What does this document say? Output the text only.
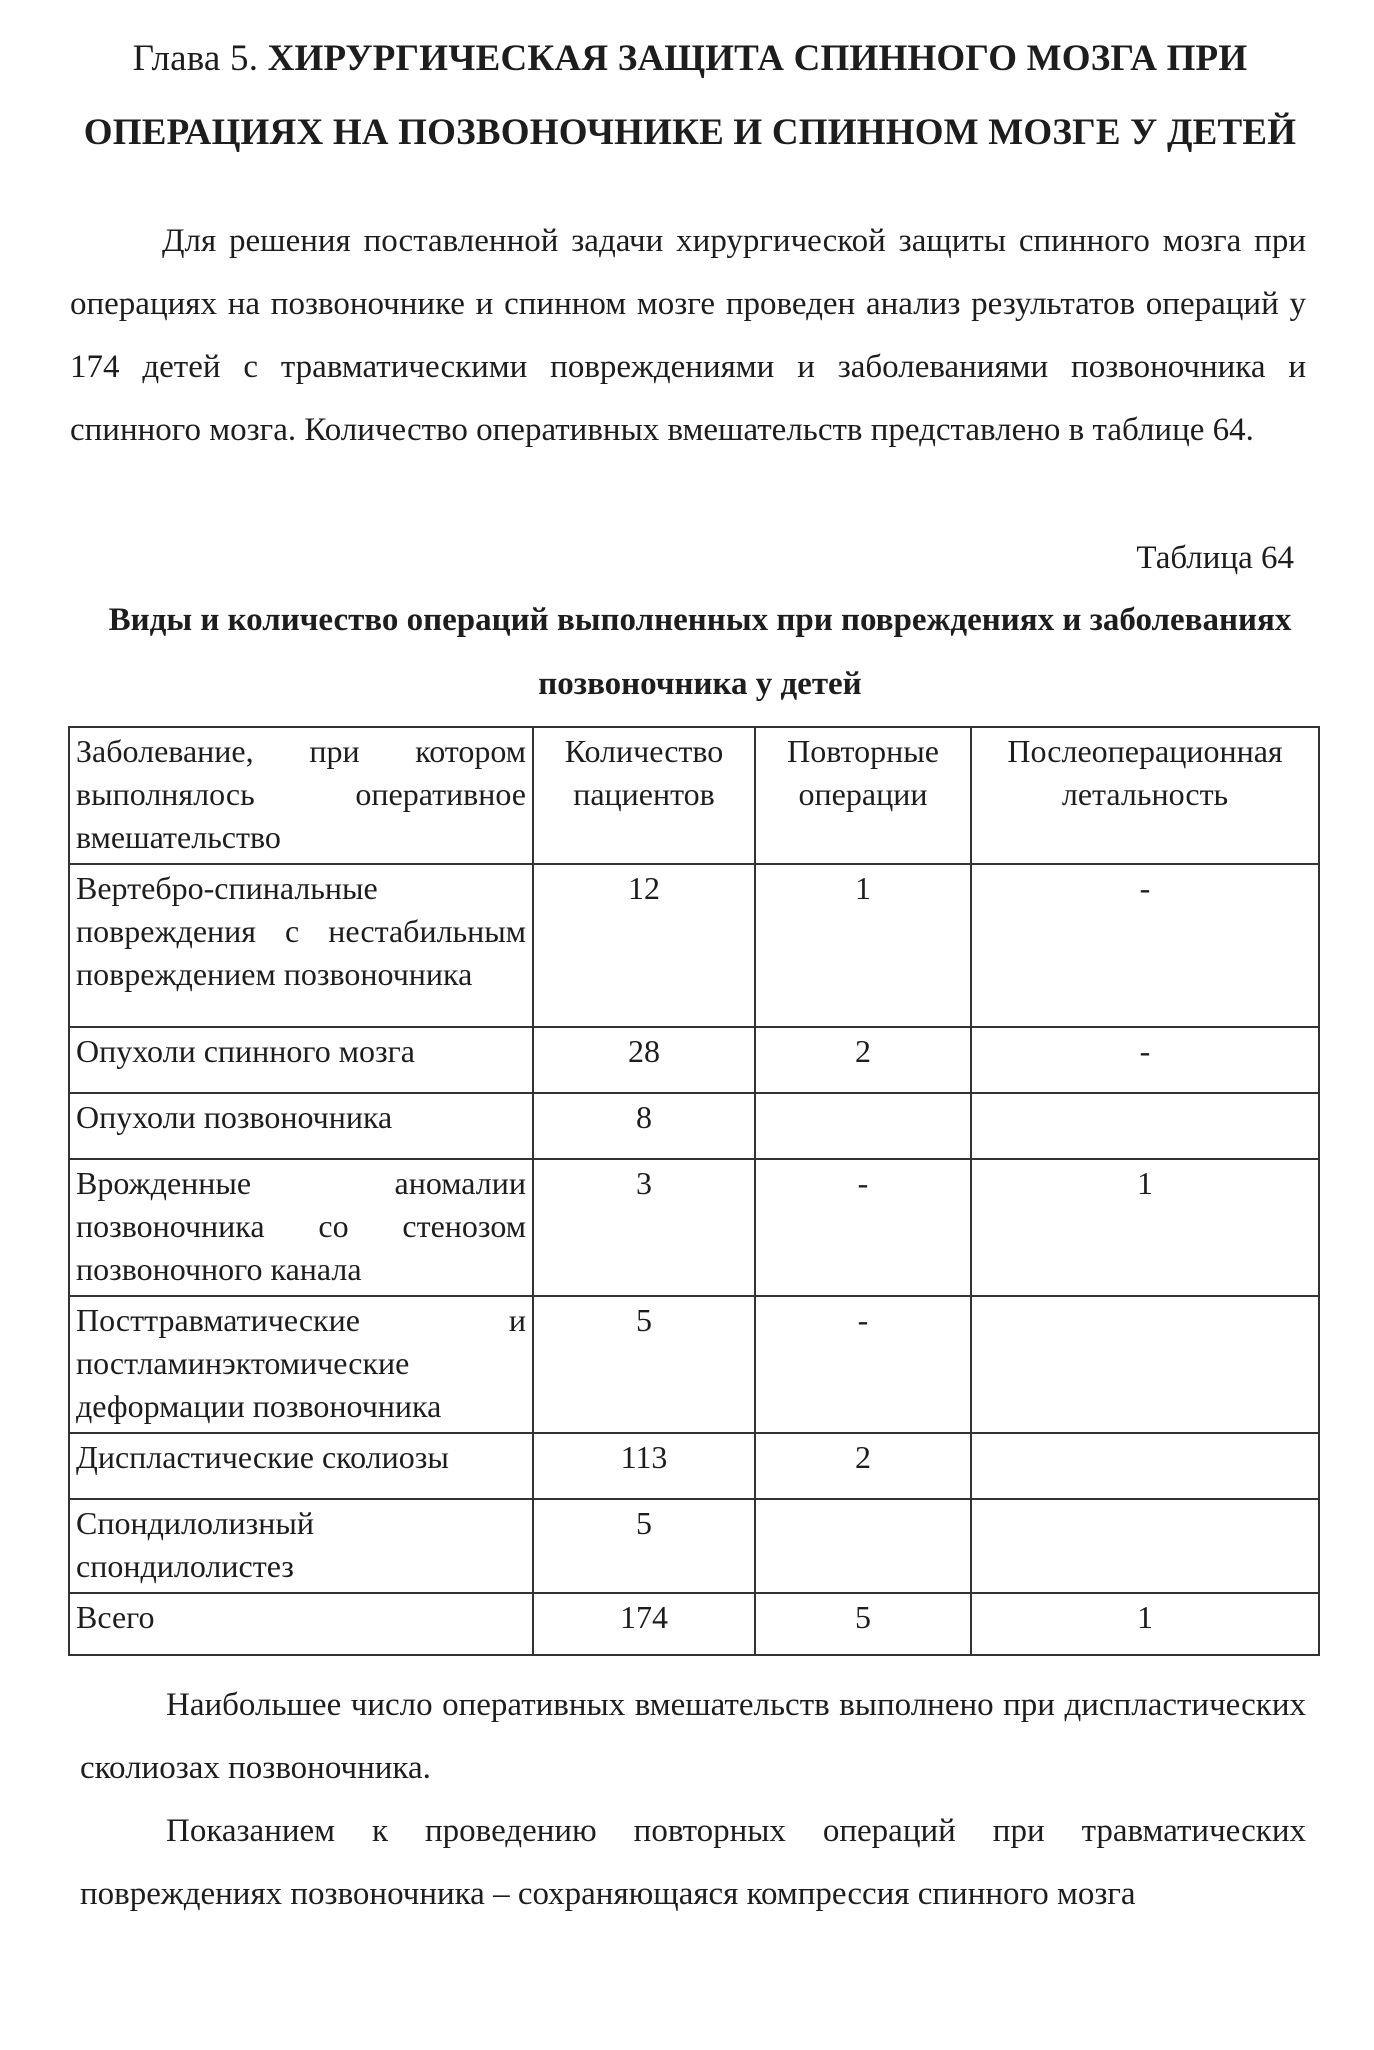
Глава 5. ХИРУРГИЧЕСКАЯ ЗАЩИТА СПИННОГО МОЗГА ПРИ ОПЕРАЦИЯХ НА ПОЗВОНОЧНИКЕ И СПИННОМ МОЗГЕ У ДЕТЕЙ

Для решения поставленной задачи хирургической защиты спинного мозга при операциях на позвоночнике и спинном мозге проведен анализ результатов операций у 174 детей с травматическими повреждениями и заболеваниями позвоночника и спинного мозга. Количество оперативных вмешательств представлено в таблице 64.

Таблица 64
Виды и количество операций выполненных при повреждениях и заболеваниях позвоночника у детей
Заболевание, при котором выполнялось оперативное вмешательство	Количество пациентов	Повторные операции	Послеоперационная летальность
Вертебро-спинальные повреждения с нестабильным повреждением позвоночника	12	1	-
Опухоли спинного мозга	28	2	-
Опухоли позвоночника	8		
Врожденные аномалии позвоночника со стенозом позвоночного канала	3	-	1
Посттравматические и постламинэктомические деформации позвоночника	5	-	
Диспластические сколиозы	113	2	
Спондилолизный спондилолистез	5		
Всего	174	5	1

Наибольшее число оперативных вмешательств выполнено при диспластических сколиозах позвоночника.

Показанием к проведению повторных операций при травматических повреждениях позвоночника – сохраняющаяся компрессия спинного мозга
